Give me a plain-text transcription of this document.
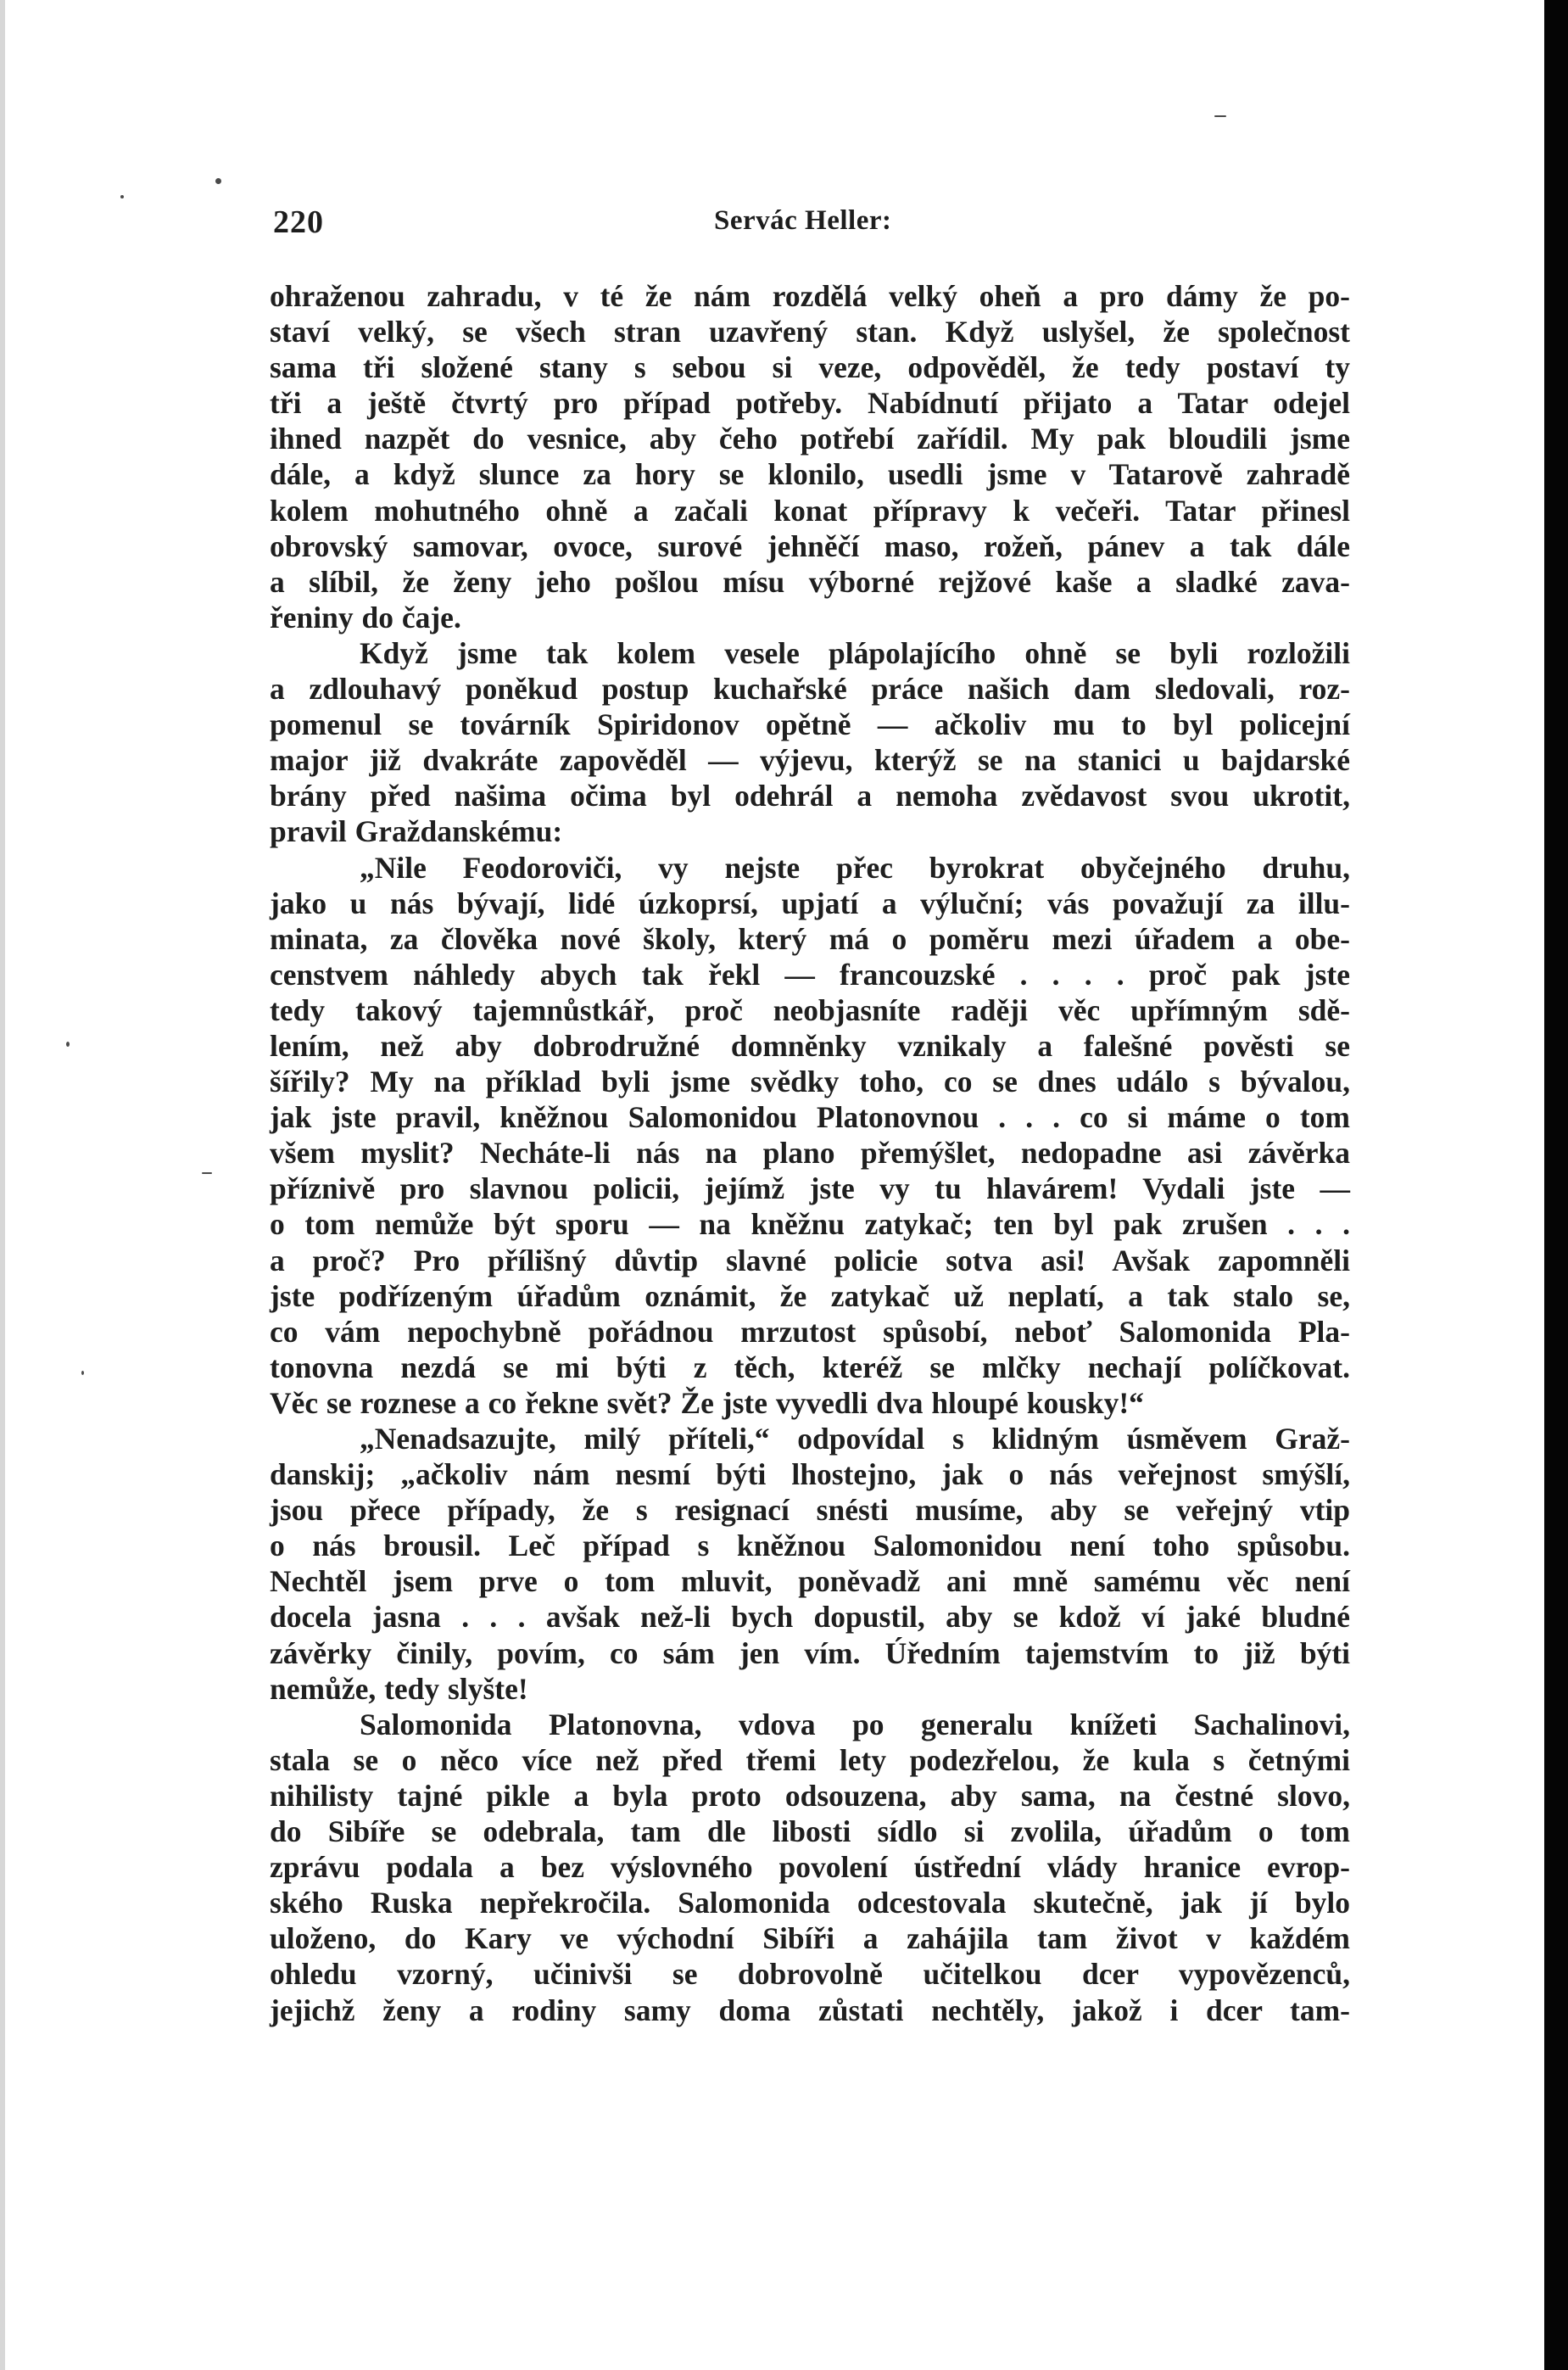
220	Servác Heller:
ohraženou zahradu, v té že nám rozdělá velký oheň a pro dámy že po-
staví velký, se všech stran uzavřený stan. Když uslyšel, že společnost
sama tři složené stany s sebou si veze, odpověděl, že tedy postaví ty
tři a ještě čtvrtý pro případ potřeby. Nabídnutí přijato a Tatar odejel
ihned nazpět do vesnice, aby čeho potřebí zařídil. My pak bloudili jsme
dále, a když slunce za hory se klonilo, usedli jsme v Tatarově zahradě
kolem mohutného ohně a začali konat přípravy k večeři. Tatar přinesl
obrovský samovar, ovoce, surové jehněčí maso, rožeň, pánev a tak dále
a slíbil, že ženy jeho pošlou mísu výborné rejžové kaše a sladké zava-
řeniny do čaje.
Když jsme tak kolem vesele plápolajícího ohně se byli rozložili
a zdlouhavý poněkud postup kuchařské práce našich dam sledovali, roz-
pomenul se továrník Spiridonov opětně — ačkoliv mu to byl policejní
major již dvakráte zapověděl — výjevu, kterýž se na stanici u bajdarské
brány před našima očima byl odehrál a nemoha zvědavost svou ukrotit,
pravil Graždanskému:
„Nile Feodoroviči, vy nejste přec byrokrat obyčejného druhu,
jako u nás bývají, lidé úzkoprsí, upjatí a výluční; vás považují za illu-
minata, za člověka nové školy, který má o poměru mezi úřadem a obe-
censtvem náhledy abych tak řekl — francouzské . . . . proč pak jste
tedy takový tajemnůstkář, proč neobjasníte raději věc upřímným sdě-
lením, než aby dobrodružné domněnky vznikaly a falešné pověsti se
šířily? My na příklad byli jsme svědky toho, co se dnes událo s bývalou,
jak jste pravil, kněžnou Salomonidou Platonovnou . . . co si máme o tom
všem myslit? Necháte-li nás na plano přemýšlet, nedopadne asi závěrka
příznivě pro slavnou policii, jejímž jste vy tu hlavárem! Vydali jste —
o tom nemůže být sporu — na kněžnu zatykač; ten byl pak zrušen . . .
a proč? Pro přílišný důvtip slavné policie sotva asi! Avšak zapomněli
jste podřízeným úřadům oznámit, že zatykač už neplatí, a tak stalo se,
co vám nepochybně pořádnou mrzutost spůsobí, neboť Salomonida Pla-
tonovna nezdá se mi býti z těch, kteréž se mlčky nechají políčkovat.
Věc se roznese a co řekne svět? Že jste vyvedli dva hloupé kousky!“
„Nenadsazujte, milý příteli,“ odpovídal s klidným úsměvem Graž-
danskij; „ačkoliv nám nesmí býti lhostejno, jak o nás veřejnost smýšlí,
jsou přece případy, že s resignací snésti musíme, aby se veřejný vtip
o nás brousil. Leč případ s kněžnou Salomonidou není toho spůsobu.
Nechtěl jsem prve o tom mluvit, poněvadž ani mně samému věc není
docela jasna . . . avšak než-li bych dopustil, aby se kdož ví jaké bludné
závěrky činily, povím, co sám jen vím. Úředním tajemstvím to již býti
nemůže, tedy slyšte!
Salomonida Platonovna, vdova po generalu knížeti Sachalinovi,
stala se o něco více než před třemi lety podezřelou, že kula s četnými
nihilisty tajné pikle a byla proto odsouzena, aby sama, na čestné slovo,
do Sibíře se odebrala, tam dle libosti sídlo si zvolila, úřadům o tom
zprávu podala a bez výslovného povolení ústřední vlády hranice evrop-
ského Ruska nepřekročila. Salomonida odcestovala skutečně, jak jí bylo
uloženo, do Kary ve východní Sibíři a zahájila tam život v každém
ohledu vzorný, učinivši se dobrovolně učitelkou dcer vypovězenců,
jejichž ženy a rodiny samy doma zůstati nechtěly, jakož i dcer tam-
